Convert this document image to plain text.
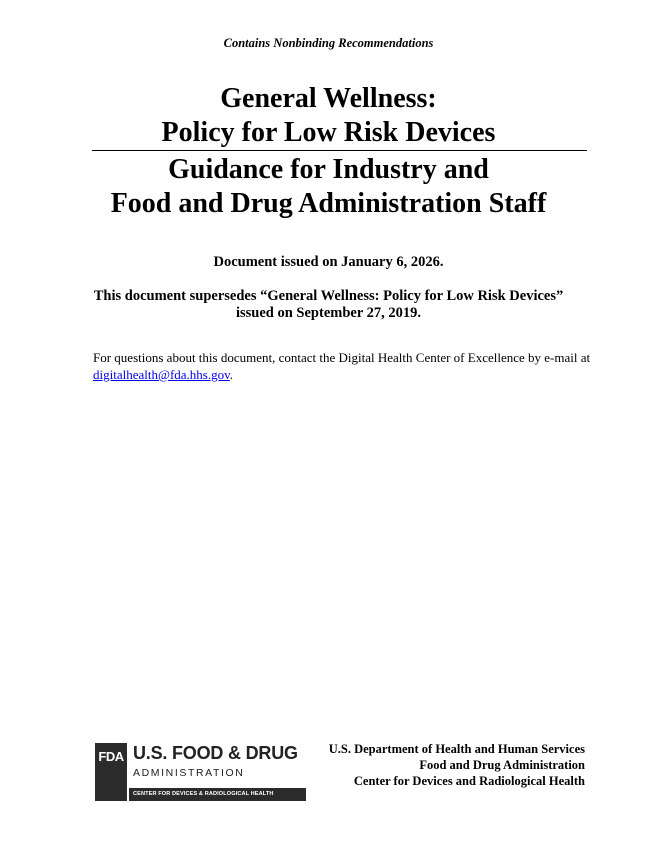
Contains Nonbinding Recommendations
General Wellness:
Policy for Low Risk Devices
Guidance for Industry and
Food and Drug Administration Staff
Document issued on January 6, 2026.
This document supersedes “General Wellness: Policy for Low Risk Devices”
issued on September 27, 2019.
For questions about this document, contact the Digital Health Center of Excellence by e-mail at digitalhealth@fda.hhs.gov.
FDA U.S. FOOD & DRUG
ADMINISTRATION
CENTER FOR DEVICES & RADIOLOGICAL HEALTH
U.S. Department of Health and Human Services
Food and Drug Administration
Center for Devices and Radiological Health
